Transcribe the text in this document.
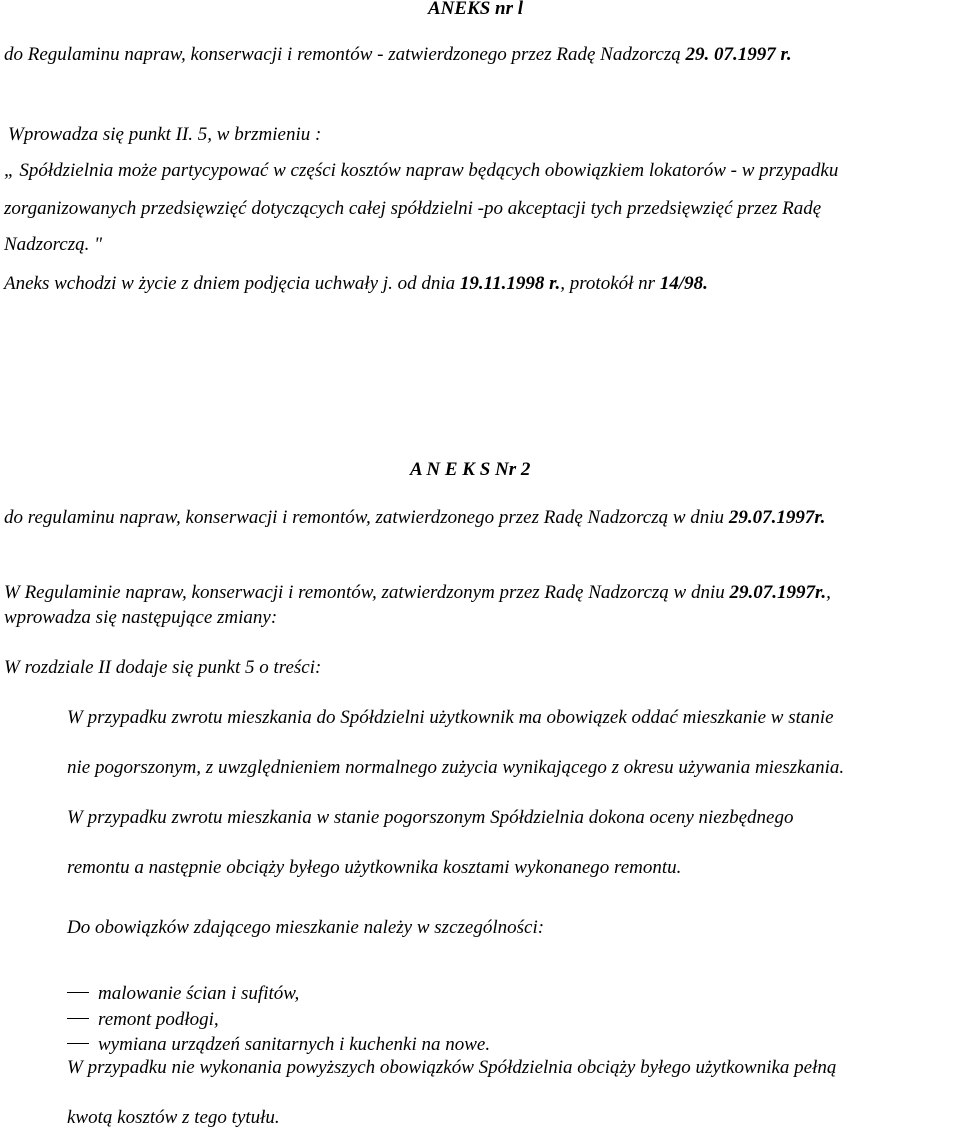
ANEKS nr l
do Regulaminu napraw, konserwacji i remontów - zatwierdzonego przez Radę Nadzorczą 29. 07.1997 r.
Wprowadza się punkt II. 5, w brzmieniu :
„ Spółdzielnia może partycypować w części kosztów napraw będących obowiązkiem lokatorów - w przypadku
zorganizowanych przedsięwzięć dotyczących całej spółdzielni -po akceptacji tych przedsięwzięć przez Radę
Nadzorczą. "
Aneks wchodzi w życie z dniem podjęcia uchwały j. od dnia 19.11.1998 r., protokół nr 14/98.
A N E K S Nr 2
do regulaminu napraw, konserwacji i remontów, zatwierdzonego przez Radę Nadzorczą w dniu 29.07.1997r.
W Regulaminie napraw, konserwacji i remontów, zatwierdzonym przez Radę Nadzorczą w dniu 29.07.1997r.,
wprowadza się następujące zmiany:
W rozdziale II dodaje się punkt 5 o treści:
W przypadku zwrotu mieszkania do Spółdzielni użytkownik ma obowiązek oddać mieszkanie w stanie
nie pogorszonym, z uwzględnieniem normalnego zużycia wynikającego z okresu używania mieszkania.
W przypadku zwrotu mieszkania w stanie pogorszonym Spółdzielnia dokona oceny niezbędnego
remontu a następnie obciąży byłego użytkownika kosztami wykonanego remontu.
Do obowiązków zdającego mieszkanie należy w szczególności:
malowanie ścian i sufitów,
remont podłogi,
wymiana urządzeń sanitarnych i kuchenki na nowe.
W przypadku nie wykonania powyższych obowiązków Spółdzielnia obciąży byłego użytkownika pełną
kwotą kosztów z tego tytułu.
